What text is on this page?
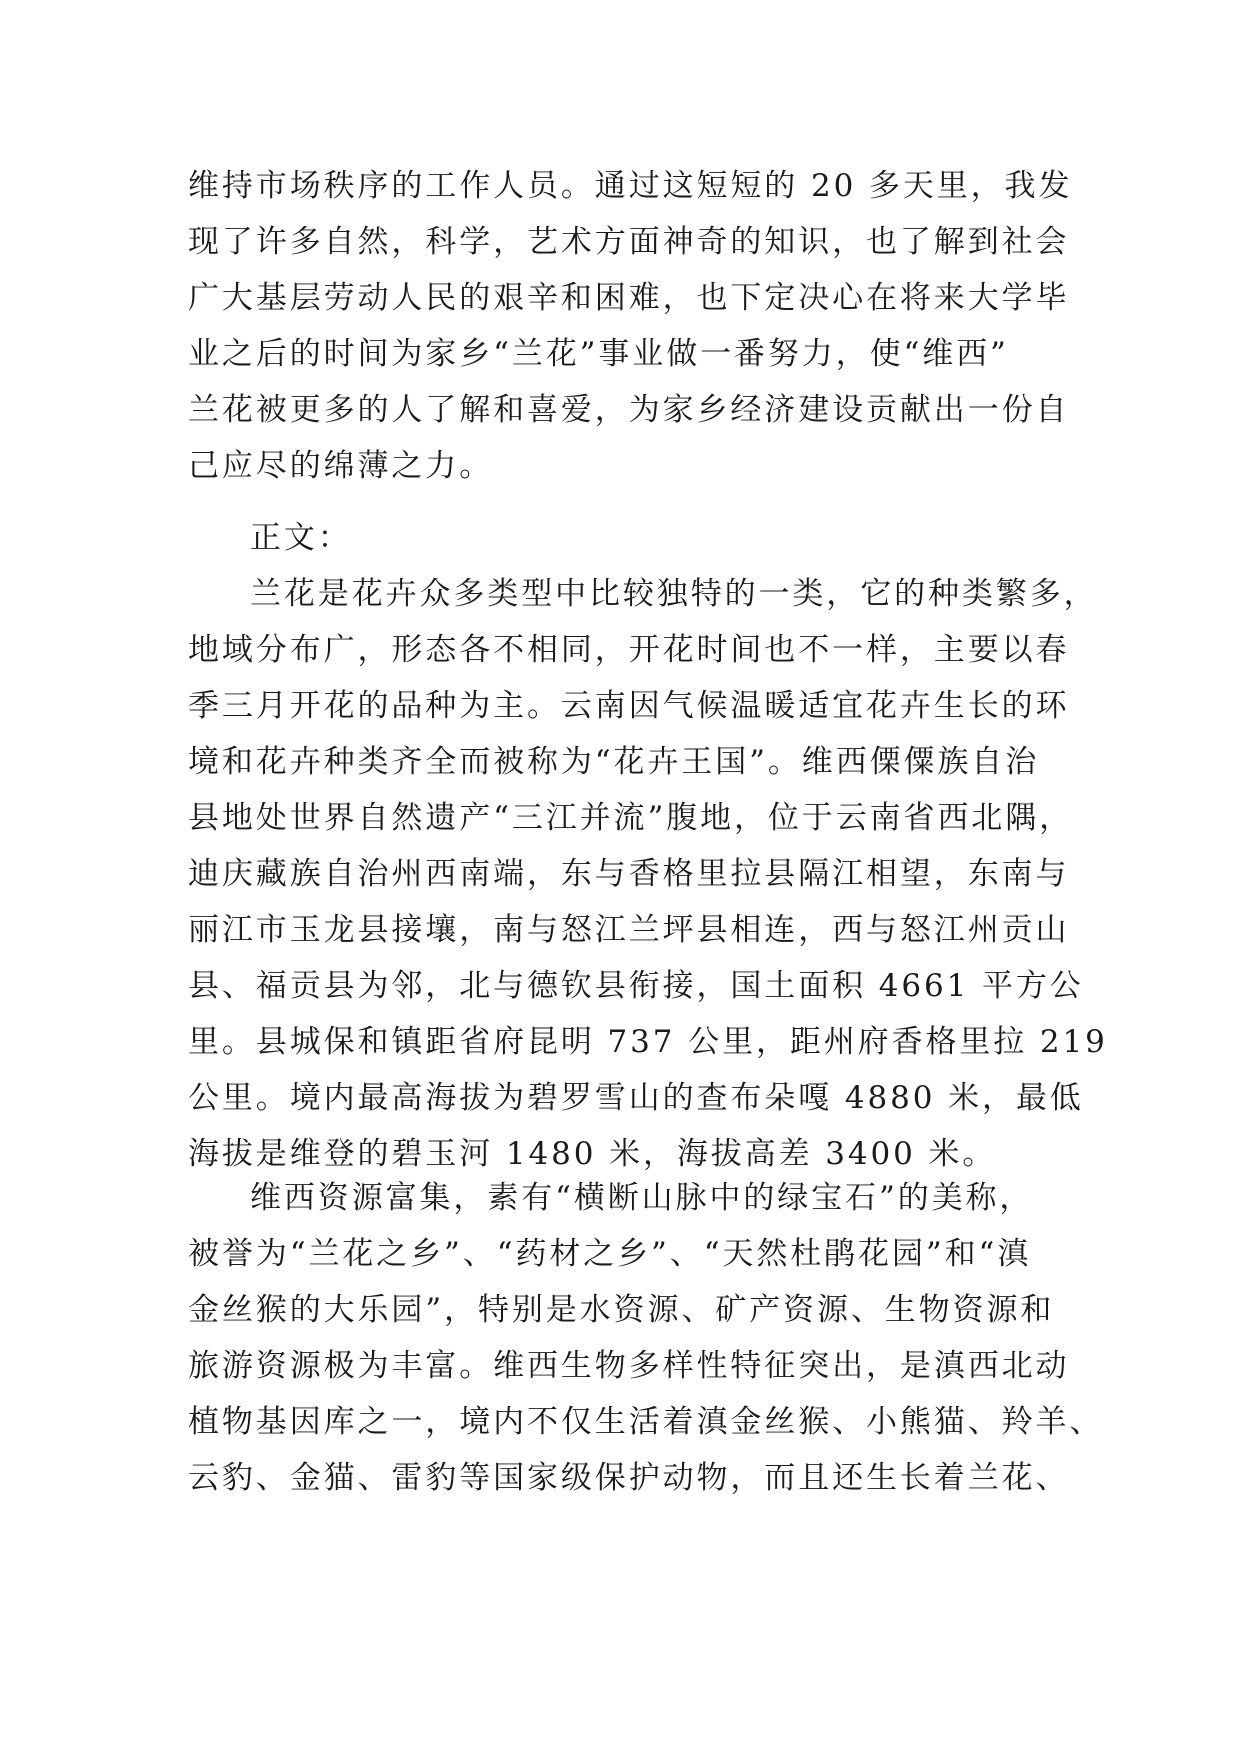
维持市场秩序的工作人员。通过这短短的 20 多天里，我发
现了许多自然，科学，艺术方面神奇的知识，也了解到社会
广大基层劳动人民的艰辛和困难，也下定决心在将来大学毕
业之后的时间为家乡“兰花”事业做一番努力，使“维西”
兰花被更多的人了解和喜爱，为家乡经济建设贡献出一份自
己应尽的绵薄之力。
正文：
兰花是花卉众多类型中比较独特的一类，它的种类繁多，
地域分布广，形态各不相同，开花时间也不一样，主要以春
季三月开花的品种为主。云南因气候温暖适宜花卉生长的环
境和花卉种类齐全而被称为“花卉王国”。维西傈僳族自治
县地处世界自然遗产“三江并流”腹地，位于云南省西北隅，
迪庆藏族自治州西南端，东与香格里拉县隔江相望，东南与
丽江市玉龙县接壤，南与怒江兰坪县相连，西与怒江州贡山
县、福贡县为邻，北与德钦县衔接，国土面积 4661 平方公
里。县城保和镇距省府昆明 737 公里，距州府香格里拉 219
公里。境内最高海拔为碧罗雪山的查布朵嘎 4880 米，最低
海拔是维登的碧玉河 1480 米，海拔高差 3400 米。
维西资源富集，素有“横断山脉中的绿宝石”的美称，
被誉为“兰花之乡”、“药材之乡”、“天然杜鹃花园”和“滇
金丝猴的大乐园”，特别是水资源、矿产资源、生物资源和
旅游资源极为丰富。维西生物多样性特征突出，是滇西北动
植物基因库之一，境内不仅生活着滇金丝猴、小熊猫、羚羊、
云豹、金猫、雷豹等国家级保护动物，而且还生长着兰花、
